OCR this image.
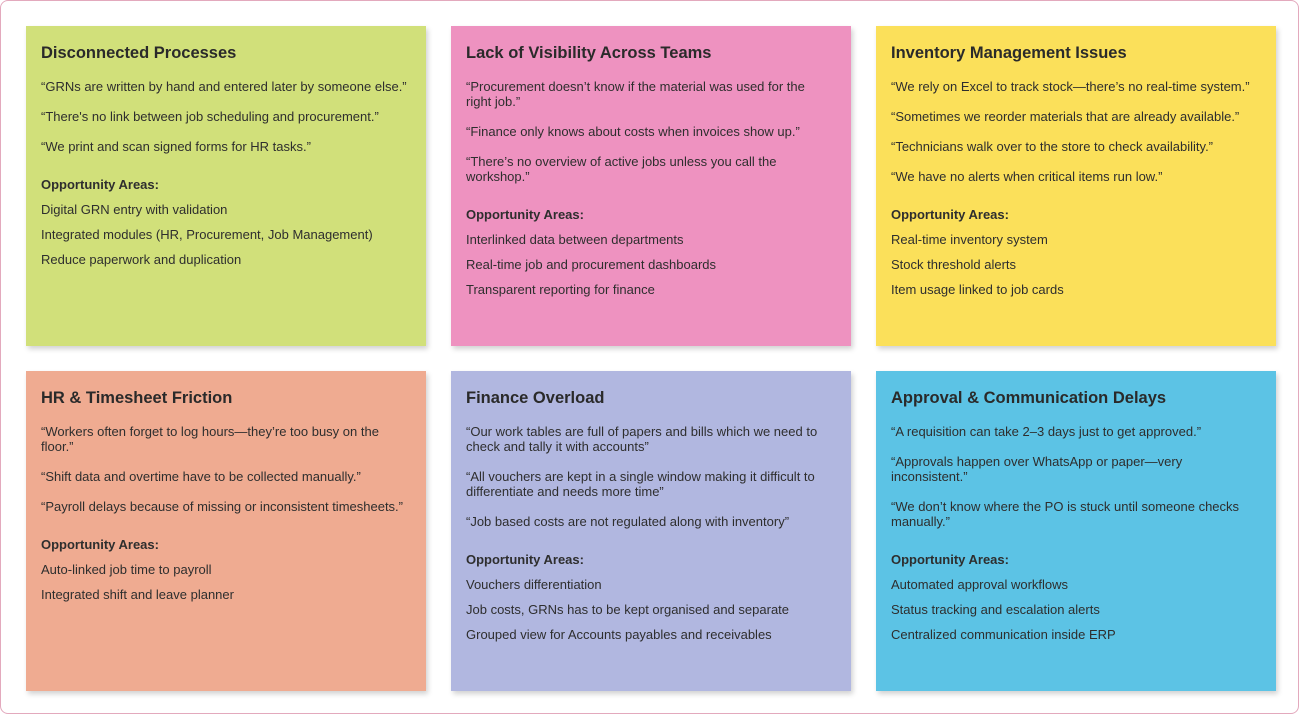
Disconnected Processes

“GRNs are written by hand and entered later by someone else.”

“There's no link between job scheduling and procurement.”

“We print and scan signed forms for HR tasks.”

Opportunity Areas:

Digital GRN entry with validation

Integrated modules (HR, Procurement, Job Management)

Reduce paperwork and duplication

Lack of Visibility Across Teams

“Procurement doesn’t know if the material was used for the right job.”

“Finance only knows about costs when invoices show up.”

“There’s no overview of active jobs unless you call the workshop.”

Opportunity Areas:

Interlinked data between departments

Real-time job and procurement dashboards

Transparent reporting for finance

Inventory Management Issues

“We rely on Excel to track stock—there’s no real-time system.”

“Sometimes we reorder materials that are already available.”

“Technicians walk over to the store to check availability.”

“We have no alerts when critical items run low.”

Opportunity Areas:

Real-time inventory system

Stock threshold alerts

Item usage linked to job cards

HR & Timesheet Friction

“Workers often forget to log hours—they’re too busy on the floor.”

“Shift data and overtime have to be collected manually.”

“Payroll delays because of missing or inconsistent timesheets.”

Opportunity Areas:

Auto-linked job time to payroll

Integrated shift and leave planner

Finance Overload

“Our work tables are full of papers and bills which we need to check and tally it with accounts”

“All vouchers are kept in a single window making it difficult to differentiate and needs more time”

“Job based costs are not regulated along with inventory”

Opportunity Areas:

Vouchers differentiation

Job costs, GRNs has to be kept organised and separate

Grouped view for Accounts payables and receivables

Approval & Communication Delays

“A requisition can take 2–3 days just to get approved.”

“Approvals happen over WhatsApp or paper—very inconsistent.”

“We don’t know where the PO is stuck until someone checks manually.”

Opportunity Areas:

Automated approval workflows

Status tracking and escalation alerts

Centralized communication inside ERP
